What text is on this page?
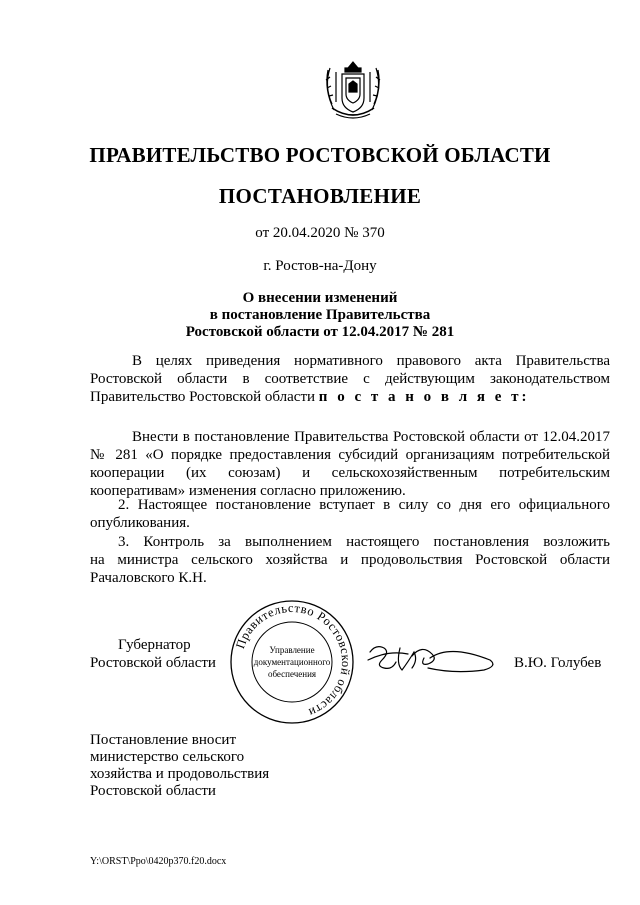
ПРАВИТЕЛЬСТВО РОСТОВСКОЙ ОБЛАСТИ
ПОСТАНОВЛЕНИЕ
от 20.04.2020 № 370
г. Ростов-на-Дону
О внесении изменений
в постановление Правительства
Ростовской области от 12.04.2017 № 281
В целях приведения нормативного правового акта Правительства
Ростовской области в соответствие с действующим законодательством
Правительство Ростовской области п о с т а н о в л я е т:
Внести в постановление Правительства Ростовской области от 12.04.2017
№ 281 «О порядке предоставления субсидий организациям потребительской
кооперации (их союзам) и сельскохозяйственным потребительским
кооперативам» изменения согласно приложению.
2. Настоящее постановление вступает в силу со дня его официального
опубликования.
3. Контроль за выполнением настоящего постановления возложить
на министра сельского хозяйства и продовольствия Ростовской области
Рачаловского К.Н.
Губернатор
Ростовской области
Правительство Ростовской области
Управление
документационного
обеспечения
В.Ю. Голубев
Постановление вносит
министерство сельского
хозяйства и продовольствия
Ростовской области
Y:\ORST\Ppo\0420p370.f20.docx
